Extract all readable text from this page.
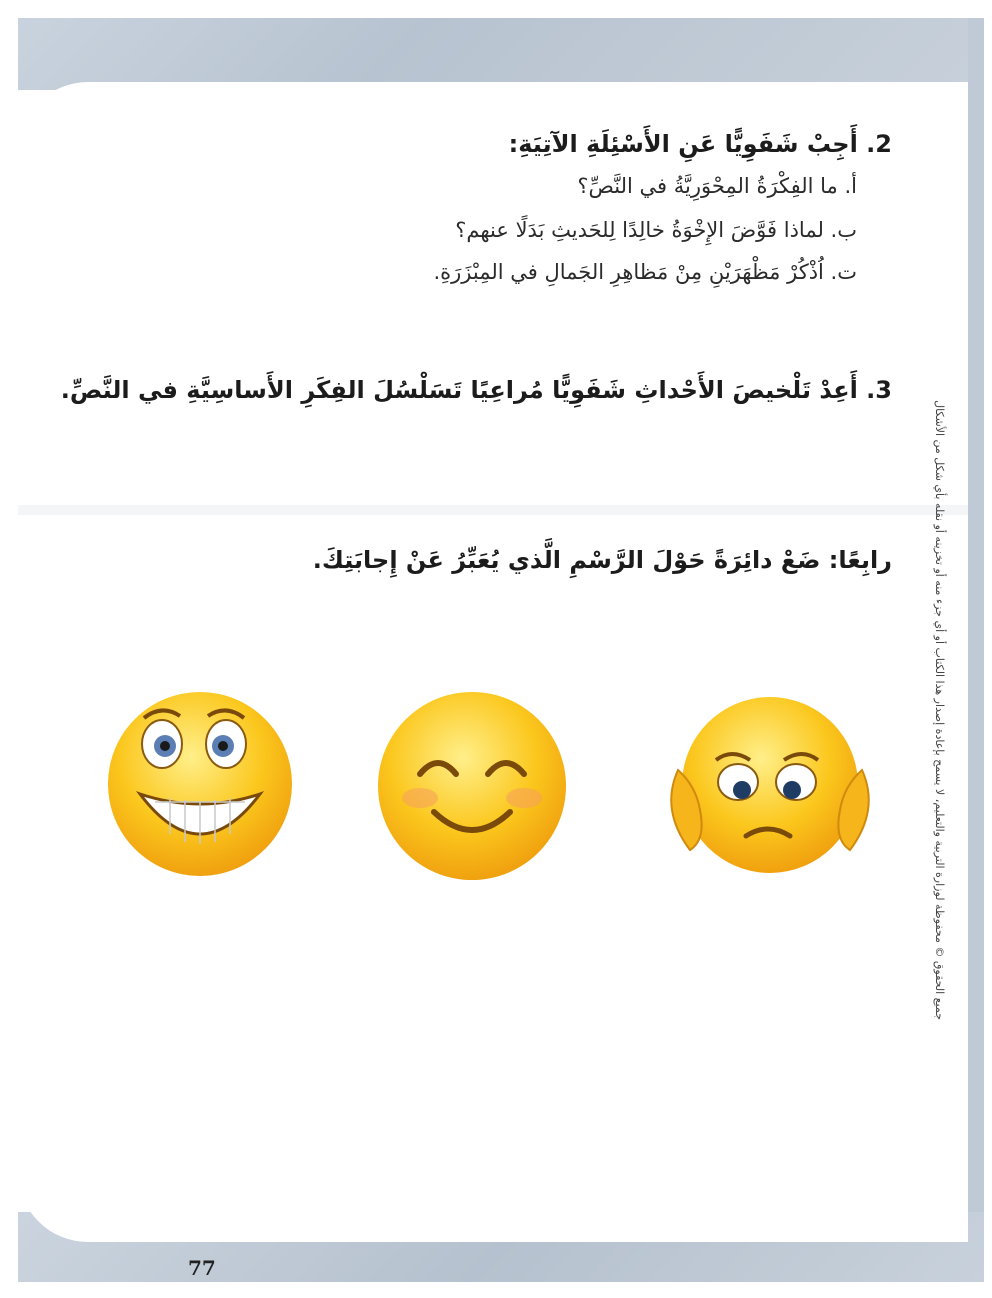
2. أَجِبْ شَفَوِيًّا عَنِ الأَسْئِلَةِ الآتِيَةِ:
أ. ما الفِكْرَةُ المِحْوَرِيَّةُ في النَّصِّ؟
ب. لماذا فَوَّضَ الإِخْوَةُ خالِدًا لِلحَديثِ بَدَلًا عنهم؟
ت. اُذْكُرْ مَظْهَرَيْنِ مِنْ مَظاهِرِ الجَمالِ في المِبْزَرَةِ.
3. أَعِدْ تَلْخيصَ الأَحْداثِ شَفَوِيًّا مُراعِيًا تَسَلْسُلَ الفِكَرِ الأَساسِيَّةِ في النَّصِّ.
رابِعًا: ضَعْ دائِرَةً حَوْلَ الرَّسْمِ الَّذي يُعَبِّرُ عَنْ إِجابَتِكَ.	جميع الحقوق © محفوظة لوزارة التربية والتعليم، لا يسمح بإعادة إصدار هذا الكتاب أو أي جزء منه أو تخزينه أو نقله بأي شكل من الأشكال
77
